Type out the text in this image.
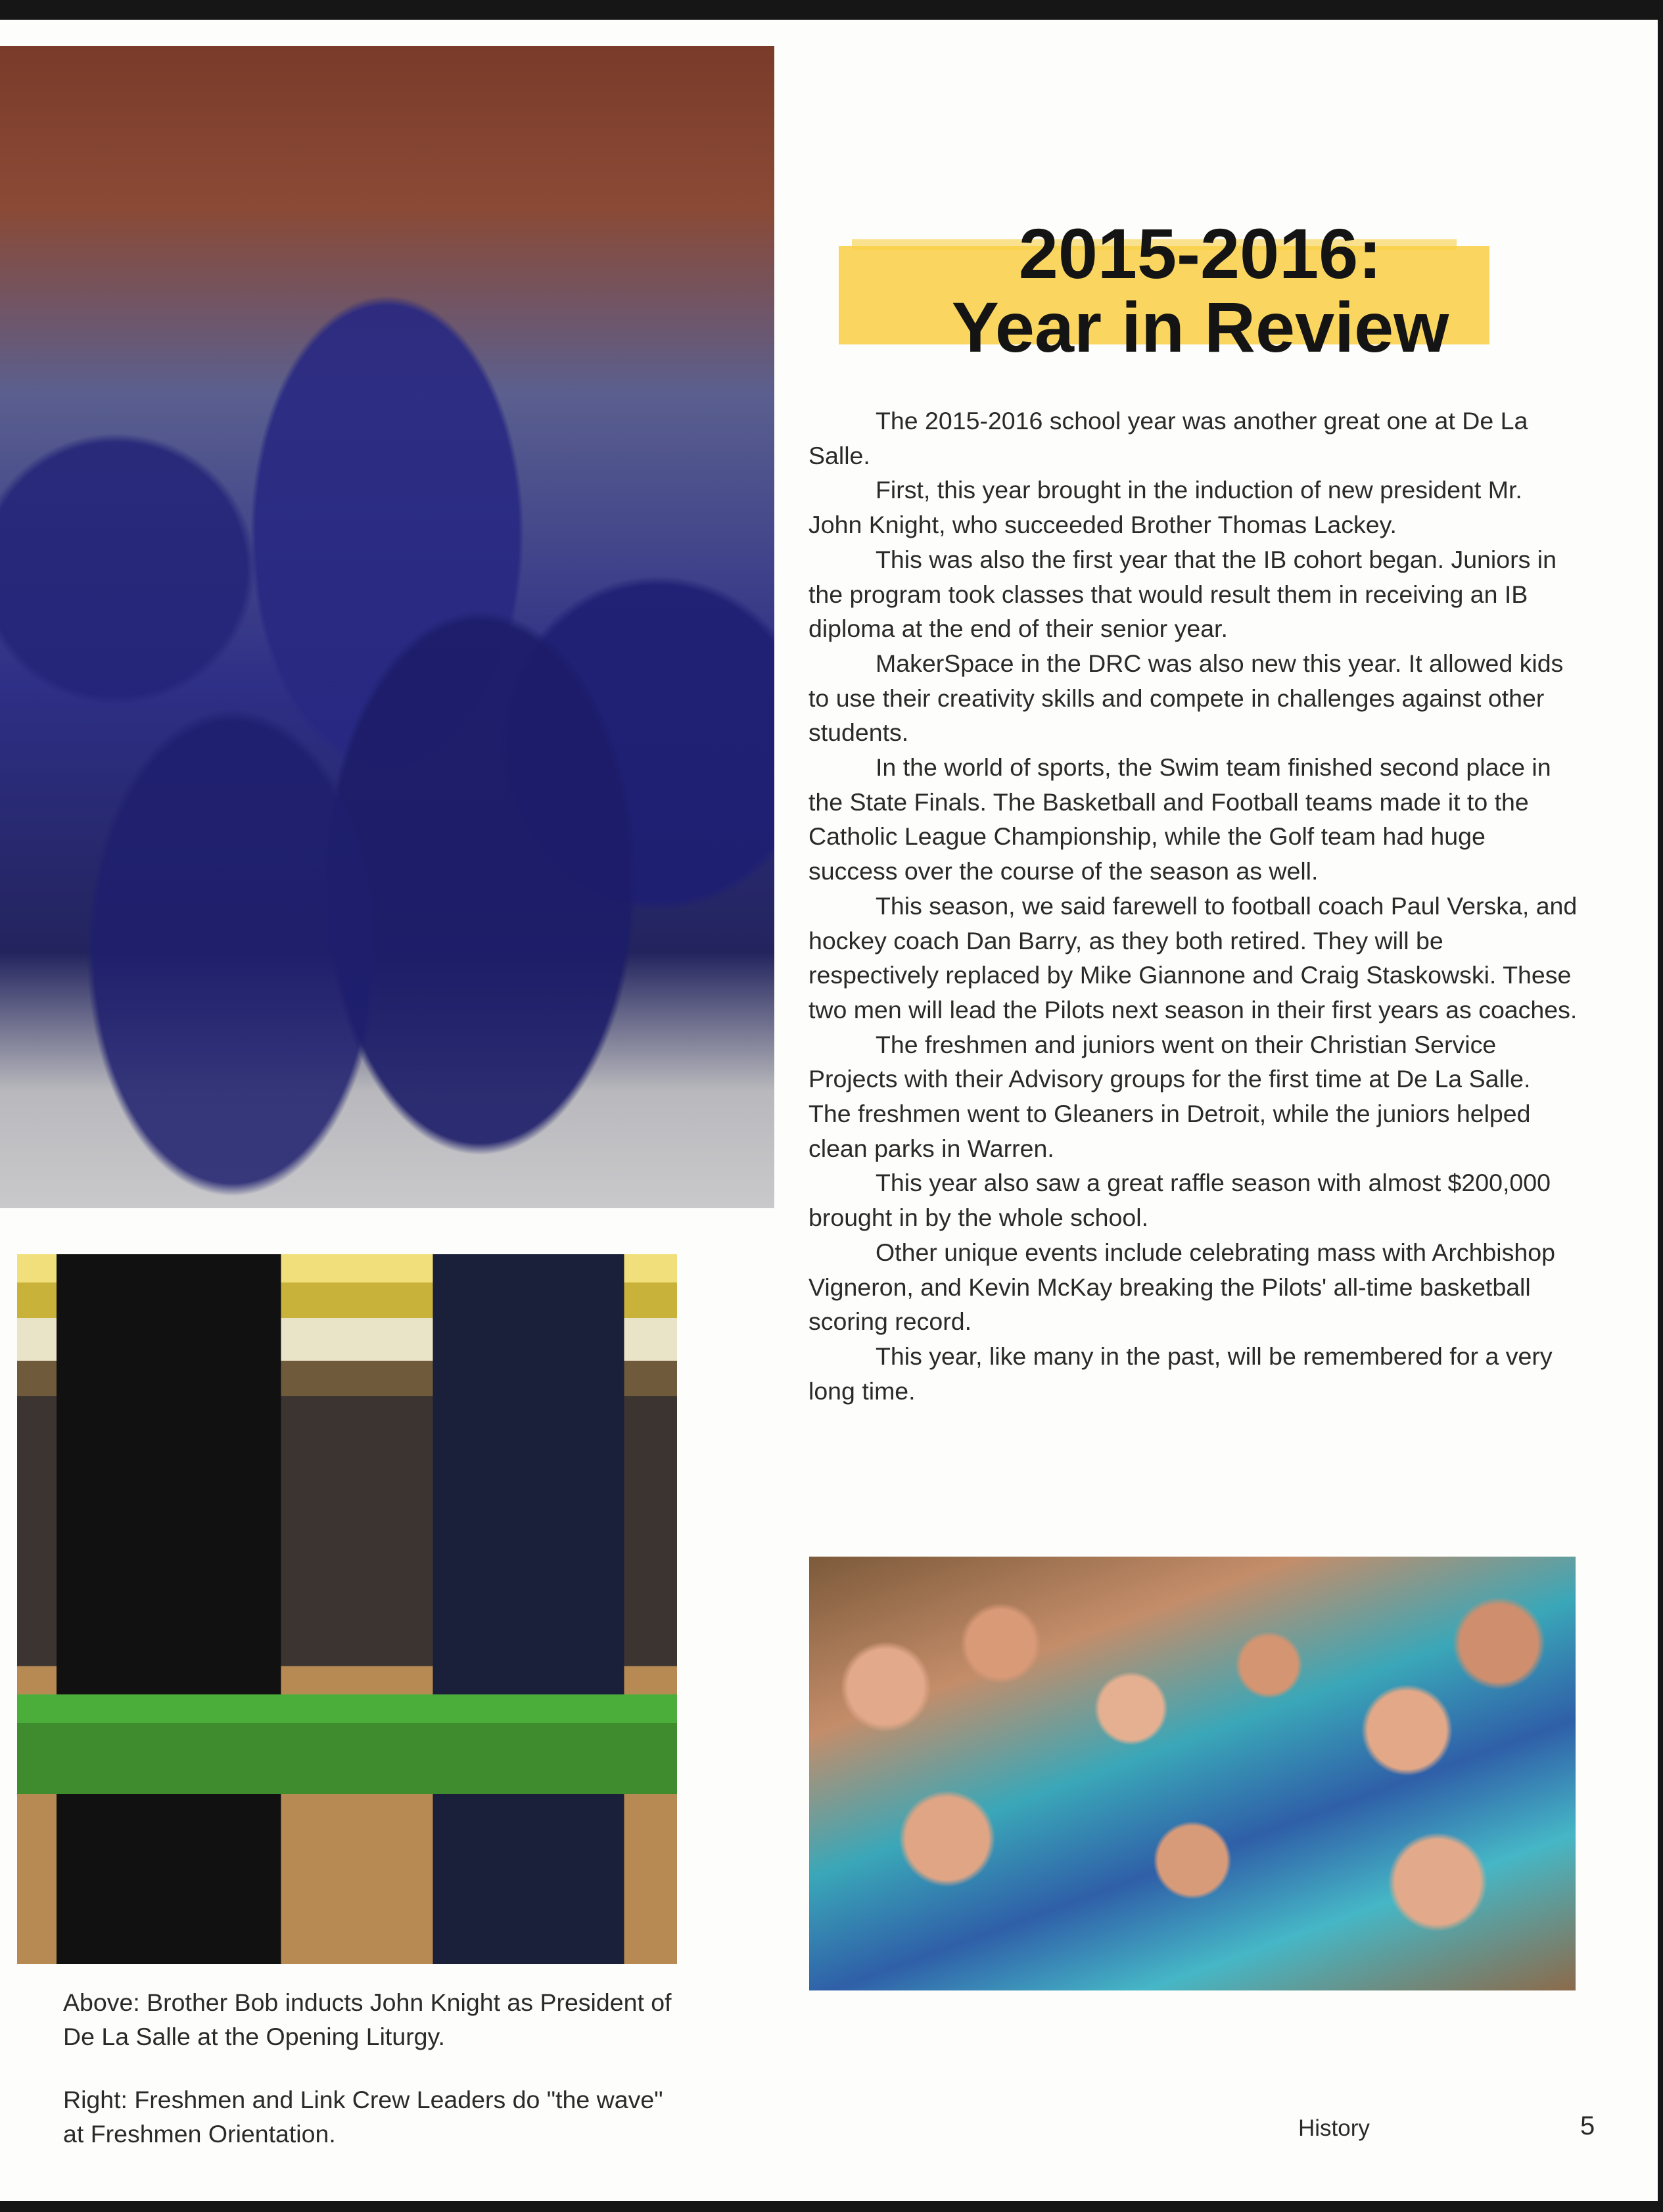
2015-2016:
Year in Review

The 2015-2016 school year was another great one at De La Salle.

First, this year brought in the induction of new president Mr. John Knight, who succeeded Brother Thomas Lackey.

This was also the first year that the IB cohort began. Juniors in the program took classes that would result them in receiving an IB diploma at the end of their senior year.

MakerSpace in the DRC was also new this year. It allowed kids to use their creativity skills and compete in challenges against other students.

In the world of sports, the Swim team finished second place in the State Finals. The Basketball and Football teams made it to the Catholic League Championship, while the Golf team had huge success over the course of the season as well.

This season, we said farewell to football coach Paul Verska, and hockey coach Dan Barry, as they both retired. They will be respectively replaced by Mike Giannone and Craig Staskowski. These two men will lead the Pilots next season in their first years as coaches.

The freshmen and juniors went on their Christian Service Projects with their Advisory groups for the first time at De La Salle. The freshmen went to Gleaners in Detroit, while the juniors helped clean parks in Warren.

This year also saw a great raffle season with almost $200,000 brought in by the whole school.

Other unique events include celebrating mass with Archbishop Vigneron, and Kevin McKay breaking the Pilots' all-time basketball scoring record.

This year, like many in the past, will be remembered for a very long time.

Above: Brother Bob inducts John Knight as President of De La Salle at the Opening Liturgy.

Right: Freshmen and Link Crew Leaders do "the wave" at Freshmen Orientation.	History	5
